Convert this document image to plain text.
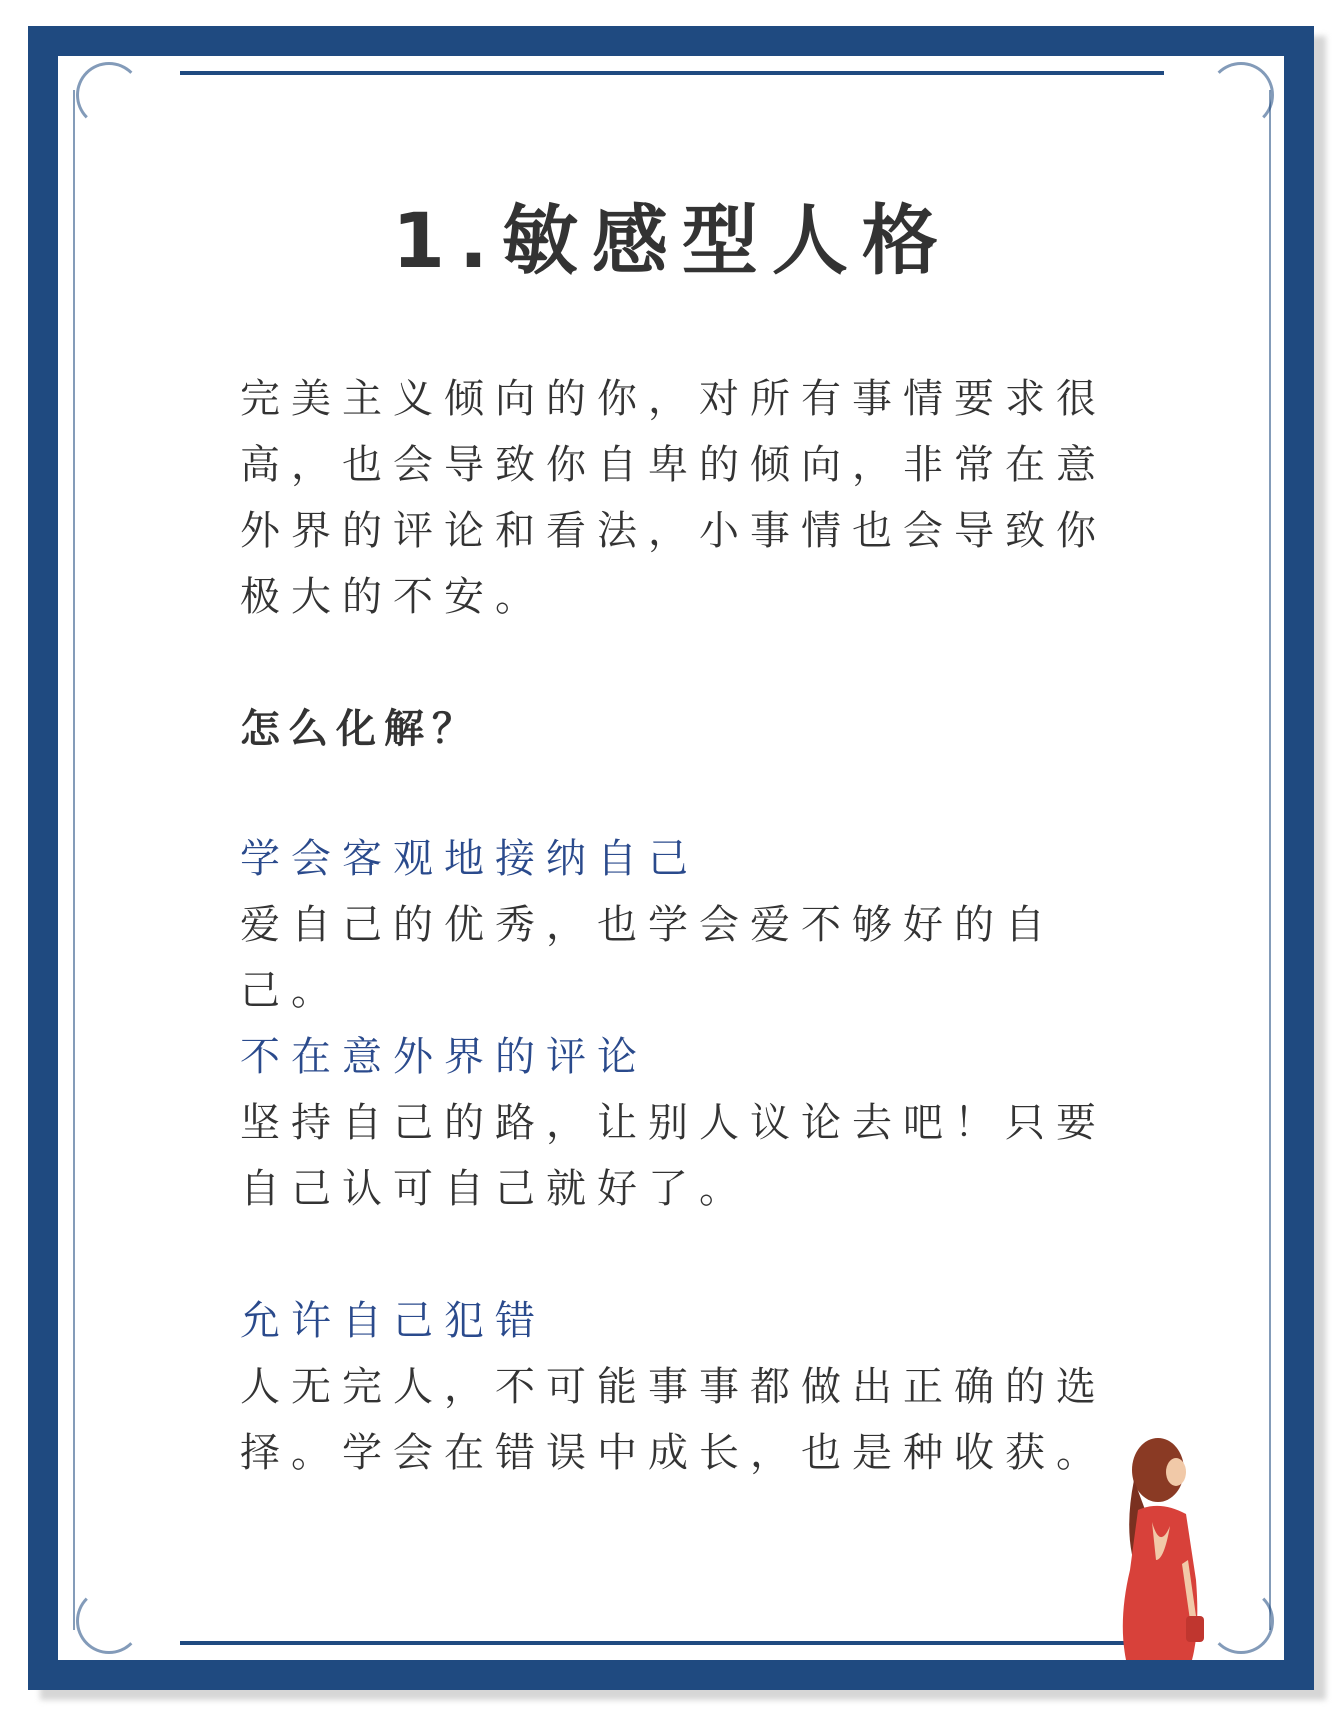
1.敏感型人格
完美主义倾向的你，对所有事情要求很高，也会导致你自卑的倾向，非常在意外界的评论和看法，小事情也会导致你极大的不安。
怎么化解？
学会客观地接纳自己
爱自己的优秀，也学会爱不够好的自己。
不在意外界的评论
坚持自己的路，让别人议论去吧！只要自己认可自己就好了。
允许自己犯错
人无完人，不可能事事都做出正确的选择。学会在错误中成长，也是种收获。
